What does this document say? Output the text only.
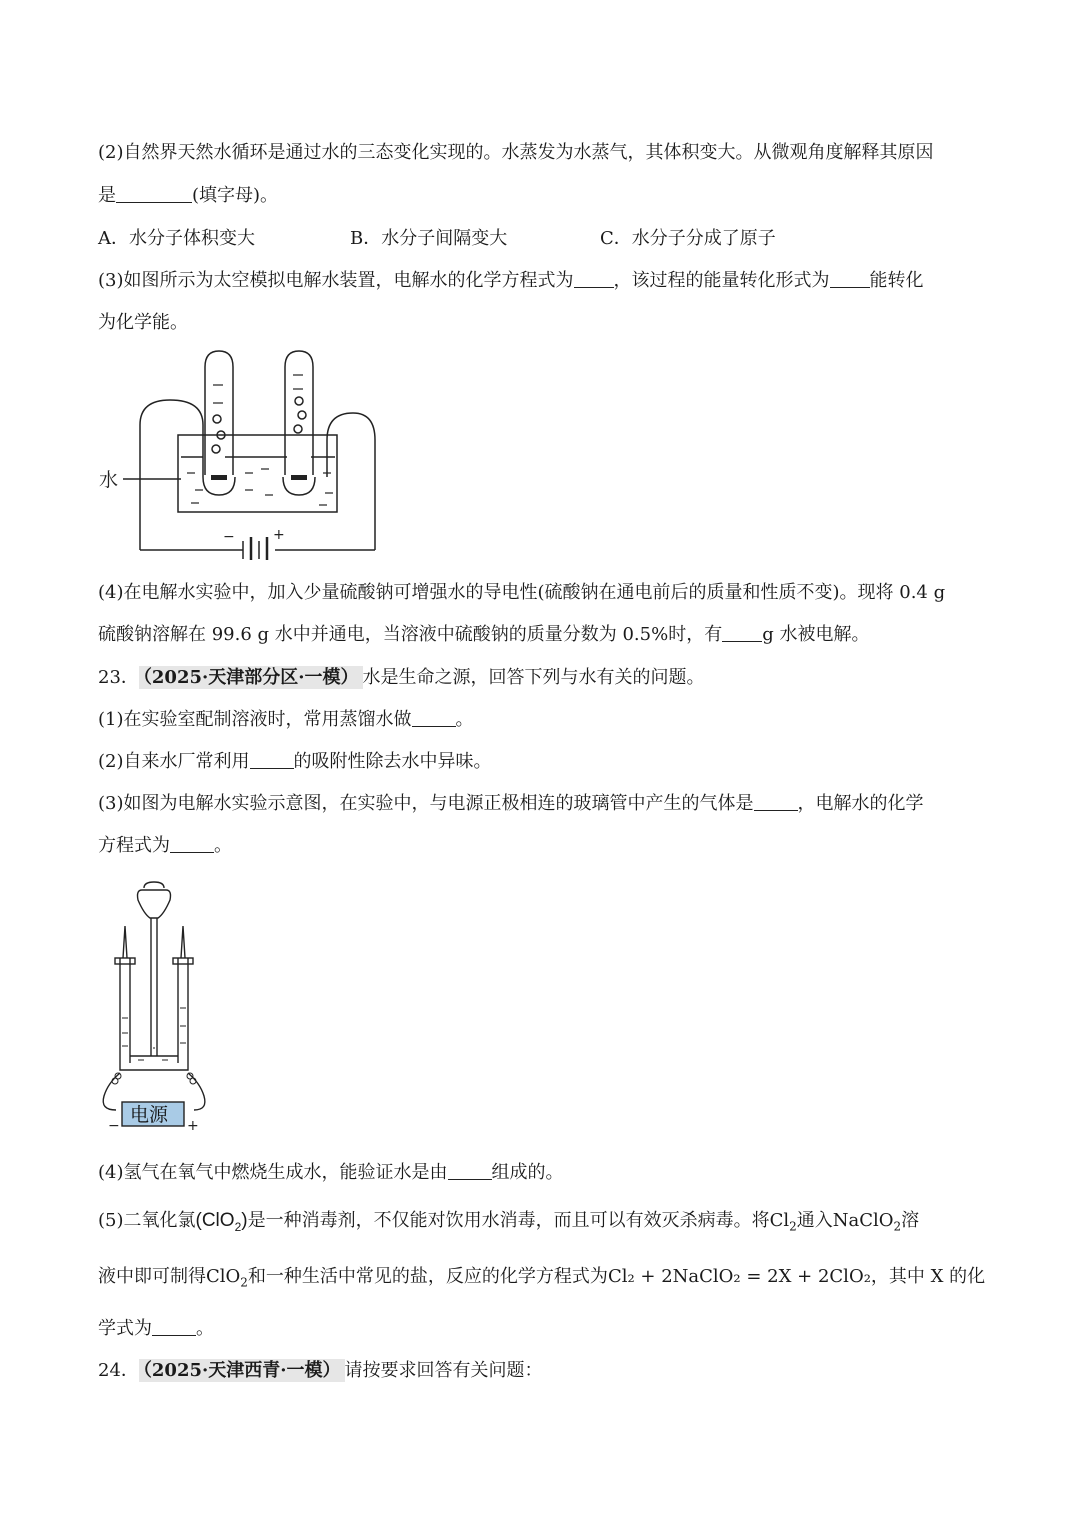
(2)自然界天然水循环是通过水的三态变化实现的。水蒸发为水蒸气，其体积变大。从微观角度解释其原因
是	(填字母)。
A．水分子体积变大	B．水分子间隔变大	C．水分子分成了原子
(3)如图所示为太空模拟电解水装置，电解水的化学方程式为 ，该过程的能量转化形式为 能转化
为化学能。
水
−	+
(4)在电解水实验中，加入少量硫酸钠可增强水的导电性(硫酸钠在通电前后的质量和性质不变)。现将 0.4 g
硫酸钠溶解在 99.6 g 水中并通电，当溶液中硫酸钠的质量分数为 0.5%时，有 g 水被电解。
23． （2025·天津部分区·一模） 水是生命之源，回答下列与水有关的问题。
(1)在实验室配制溶液时，常用蒸馏水做 。
(2)自来水厂常利用 的吸附性除去水中异味。
(3)如图为电解水实验示意图，在实验中，与电源正极相连的玻璃管中产生的气体是 ，电解水的化学
方程式为 。
电源
−	+
(4)氢气在氧气中燃烧生成水，能验证水是由 组成的。
(5)二氧化氯(ClO$_2$)是一种消毒剂，不仅能对饮用水消毒，而且可以有效灭杀病毒。将$Cl_2$通入NaClO$_2$溶
液中即可制得ClO$_2$和一种生活中常见的盐，反应的化学方程式为Cl₂ + 2NaClO₂ = 2X + 2ClO₂，其中 X 的化
学式为 。
24． （2025·天津西青·一模） 请按要求回答有关问题：
